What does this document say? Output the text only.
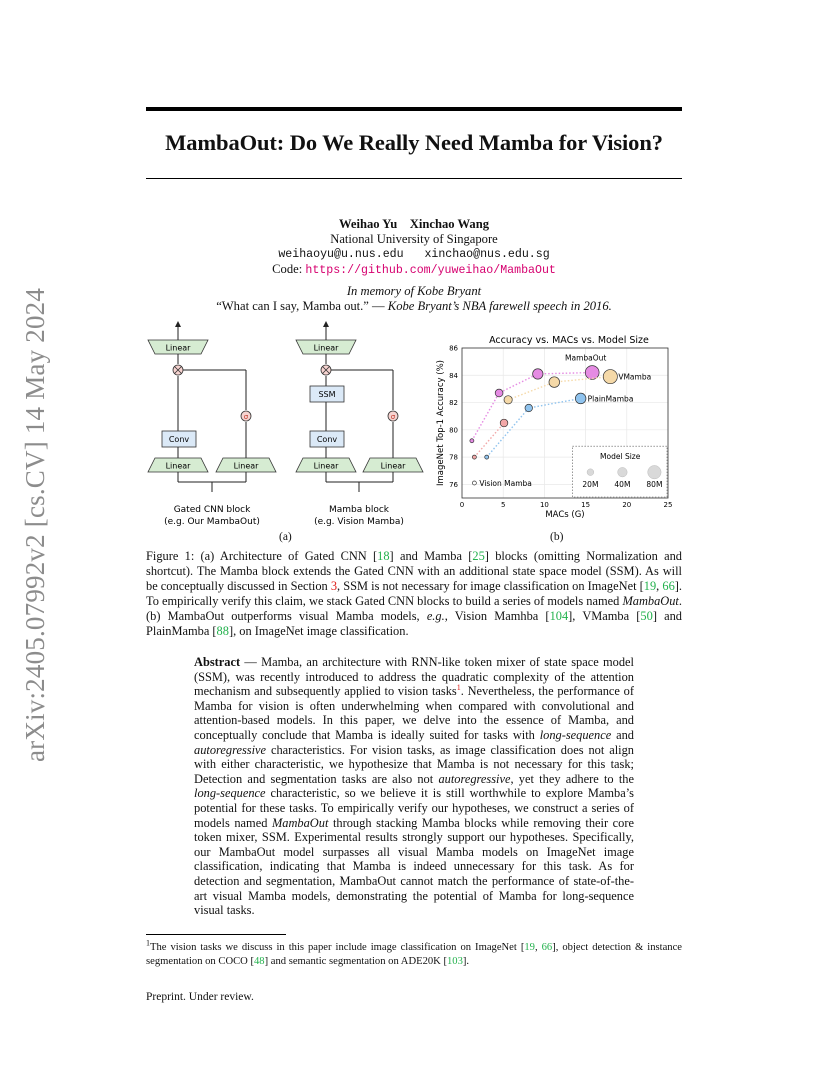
arXiv:2405.07992v2 [cs.CV] 14 May 2024
MambaOut: Do We Really Need Mamba for Vision?
Weihao Yu Xinchao Wang
National University of Singapore
weihaoyu@u.nus.edu xinchao@nus.edu.sg
Code: https://github.com/yuweihao/MambaOut
In memory of Kobe Bryant
“What can I say, Mamba out.” — Kobe Bryant’s NBA farewell speech in 2016.
Linear
σ
Conv
Linear	Linear
Gated CNN block
(e.g. Our MambaOut)
Linear
SSM
σ
Conv
Linear	Linear
Mamba block
(e.g. Vision Mamba)
(a)
0	5	10	15	20	25
76
78
80
82
84
86
Accuracy vs. MACs vs. Model Size
MACs (G)
ImageNet Top-1 Accuracy (%)	Model Size
20M 40M 80M
MambaOut
VMamba
PlainMamba
Vision Mamba
(b)
Figure 1: (a) Architecture of Gated CNN [18] and Mamba [25] blocks (omitting Normalization and shortcut). The Mamba block extends the Gated CNN with an additional state space model (SSM). As will be conceptually discussed in Section 3, SSM is not necessary for image classification on ImageNet [19, 66]. To empirically verify this claim, we stack Gated CNN blocks to build a series of models named MambaOut. (b) MambaOut outperforms visual Mamba models, e.g., Vision Mamhba [104], VMamba [50] and PlainMamba [88], on ImageNet image classification.
Abstract — Mamba, an architecture with RNN-like token mixer of state space model (SSM), was recently introduced to address the quadratic complexity of the attention mechanism and subsequently applied to vision tasks$^1$. Nevertheless, the performance of Mamba for vision is often underwhelming when compared with convolutional and attention-based models. In this paper, we delve into the essence of Mamba, and conceptually conclude that Mamba is ideally suited for tasks with long-sequence and autoregressive characteristics. For vision tasks, as image classification does not align with either characteristic, we hypothesize that Mamba is not necessary for this task; Detection and segmentation tasks are also not autoregressive, yet they adhere to the long-sequence characteristic, so we believe it is still worthwhile to explore Mamba’s potential for these tasks. To empirically verify our hypotheses, we construct a series of models named MambaOut through stacking Mamba blocks while removing their core token mixer, SSM. Experimental results strongly support our hypotheses. Specifically, our MambaOut model surpasses all visual Mamba models on ImageNet image classification, indicating that Mamba is indeed unnecessary for this task. As for detection and segmentation, MambaOut cannot match the performance of state-of-the-art visual Mamba models, demonstrating the potential of Mamba for long-sequence visual tasks.
$^1$The vision tasks we discuss in this paper include image classification on ImageNet [19, 66], object detection & instance segmentation on COCO [48] and semantic segmentation on ADE20K [103].
Preprint. Under review.
